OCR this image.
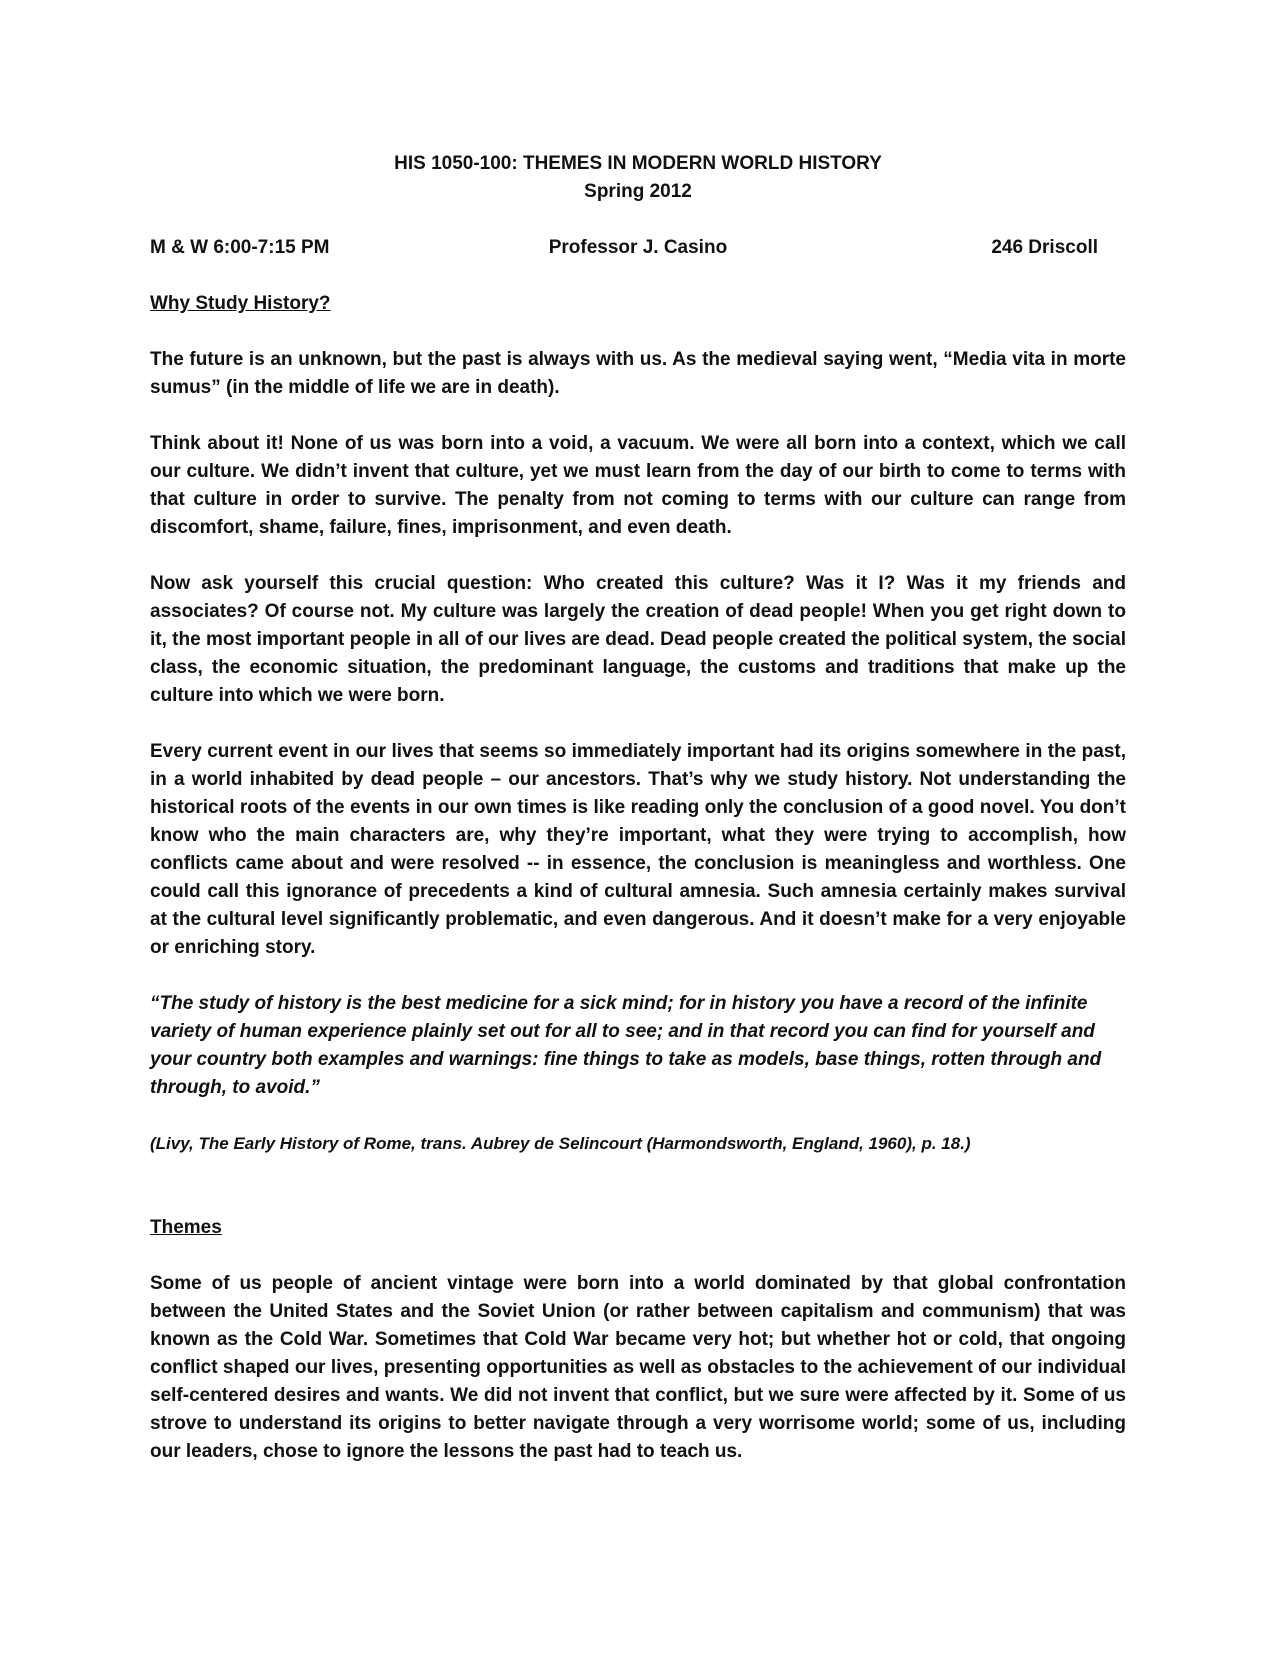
HIS 1050-100: THEMES IN MODERN WORLD HISTORY
Spring 2012
M & W 6:00-7:15 PM	Professor J. Casino	246 Driscoll
Why Study History?

The future is an unknown, but the past is always with us. As the medieval saying went, “Media vita in morte sumus” (in the middle of life we are in death).

Think about it! None of us was born into a void, a vacuum. We were all born into a context, which we call our culture. We didn’t invent that culture, yet we must learn from the day of our birth to come to terms with that culture in order to survive. The penalty from not coming to terms with our culture can range from discomfort, shame, failure, fines, imprisonment, and even death.

Now ask yourself this crucial question: Who created this culture? Was it I? Was it my friends and associates? Of course not. My culture was largely the creation of dead people! When you get right down to it, the most important people in all of our lives are dead. Dead people created the political system, the social class, the economic situation, the predominant language, the customs and traditions that make up the culture into which we were born.

Every current event in our lives that seems so immediately important had its origins somewhere in the past, in a world inhabited by dead people – our ancestors. That’s why we study history. Not understanding the historical roots of the events in our own times is like reading only the conclusion of a good novel. You don’t know who the main characters are, why they’re important, what they were trying to accomplish, how conflicts came about and were resolved -- in essence, the conclusion is meaningless and worthless. One could call this ignorance of precedents a kind of cultural amnesia. Such amnesia certainly makes survival at the cultural level significantly problematic, and even dangerous. And it doesn’t make for a very enjoyable or enriching story.

“The study of history is the best medicine for a sick mind; for in history you have a record of the infinite variety of human experience plainly set out for all to see; and in that record you can find for yourself and your country both examples and warnings: fine things to take as models, base things, rotten through and through, to avoid.”

(Livy, The Early History of Rome, trans. Aubrey de Selincourt (Harmondsworth, England, 1960), p. 18.)

Themes

Some of us people of ancient vintage were born into a world dominated by that global confrontation between the United States and the Soviet Union (or rather between capitalism and communism) that was known as the Cold War. Sometimes that Cold War became very hot; but whether hot or cold, that ongoing conflict shaped our lives, presenting opportunities as well as obstacles to the achievement of our individual self-centered desires and wants. We did not invent that conflict, but we sure were affected by it. Some of us strove to understand its origins to better navigate through a very worrisome world; some of us, including our leaders, chose to ignore the lessons the past had to teach us.
